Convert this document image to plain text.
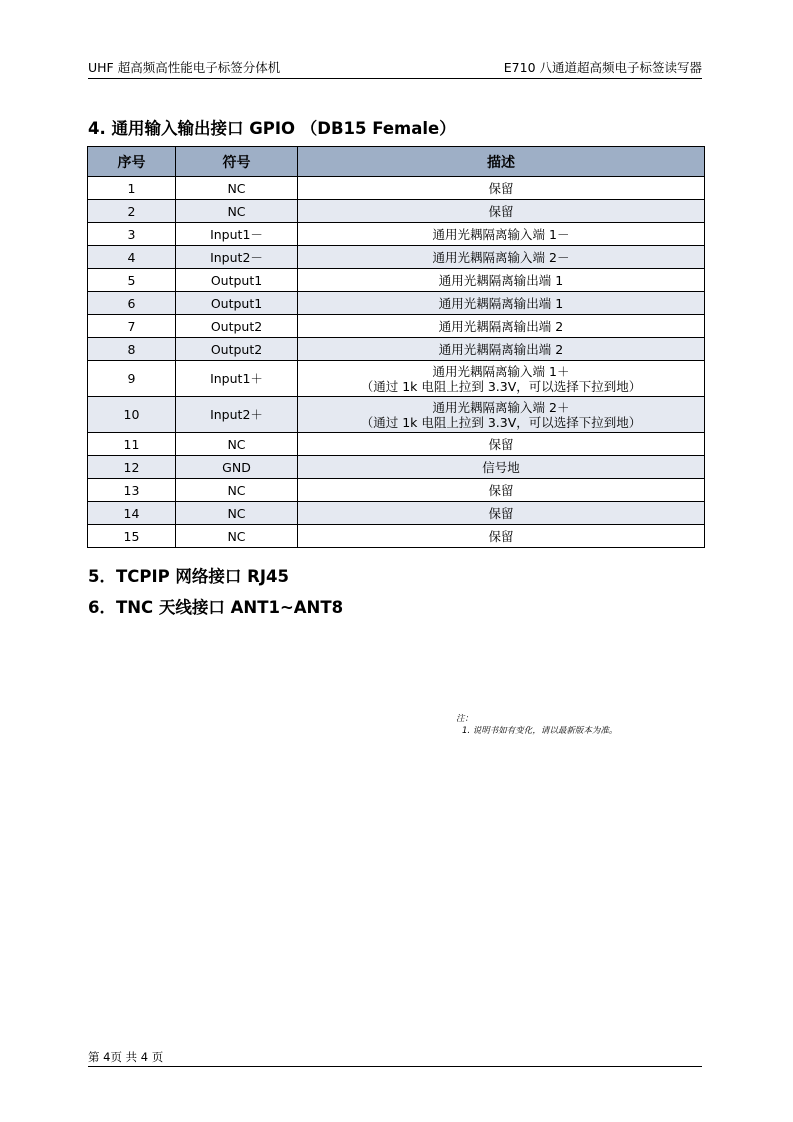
UHF 超高频高性能电子标签分体机	E710 八通道超高频电子标签读写器
4. 通用输入输出接口 GPIO （DB15 Female）
序号	符号	描述
1	NC	保留

2	NC	保留

3	Input1－	通用光耦隔离输入端 1－

4	Input2－	通用光耦隔离输入端 2－

5	Output1	通用光耦隔离输出端 1

6	Output1	通用光耦隔离输出端 1

7	Output2	通用光耦隔离输出端 2

8	Output2	通用光耦隔离输出端 2

9	Input1＋	通用光耦隔离输入端 1＋
（通过 1k 电阻上拉到 3.3V，可以选择下拉到地）

10	Input2＋	通用光耦隔离输入端 2＋
（通过 1k 电阻上拉到 3.3V，可以选择下拉到地）

11	NC	保留

12	GND	信号地

13	NC	保留

14	NC	保留

15	NC	保留
5．TCPIP 网络接口 RJ45
6．TNC 天线接口 ANT1~ANT8
注：
1. 说明书如有变化，请以最新版本为准。
第 4页 共 4 页
